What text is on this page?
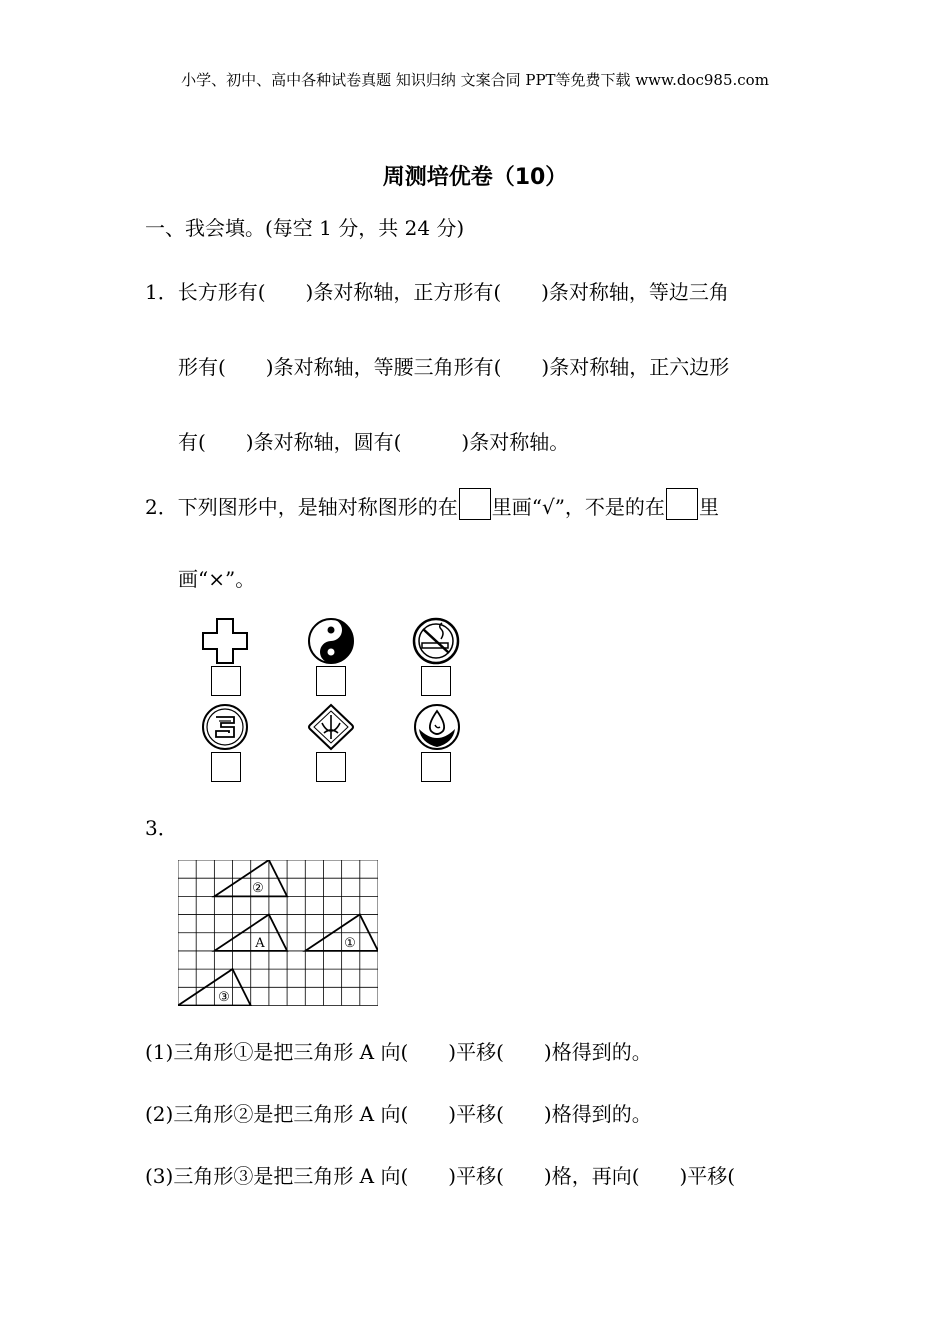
小学、初中、高中各种试卷真题 知识归纳 文案合同 PPT等免费下载 www.doc985.com
周测培优卷（10）
一、我会填。(每空 1 分，共 24 分)
1．长方形有(　　)条对称轴，正方形有(　　)条对称轴，等边三角
形有(　　)条对称轴，等腰三角形有(　　)条对称轴，正六边形
有(　　)条对称轴，圆有(　　　)条对称轴。
2．下列图形中，是轴对称图形的在 里画“√”，不是的在 里
画“×”。
3．
②
A	①
③
(1)三角形①是把三角形 A 向(　　)平移(　　)格得到的。
(2)三角形②是把三角形 A 向(　　)平移(　　)格得到的。
(3)三角形③是把三角形 A 向(　　)平移(　　)格，再向(　　)平移(
